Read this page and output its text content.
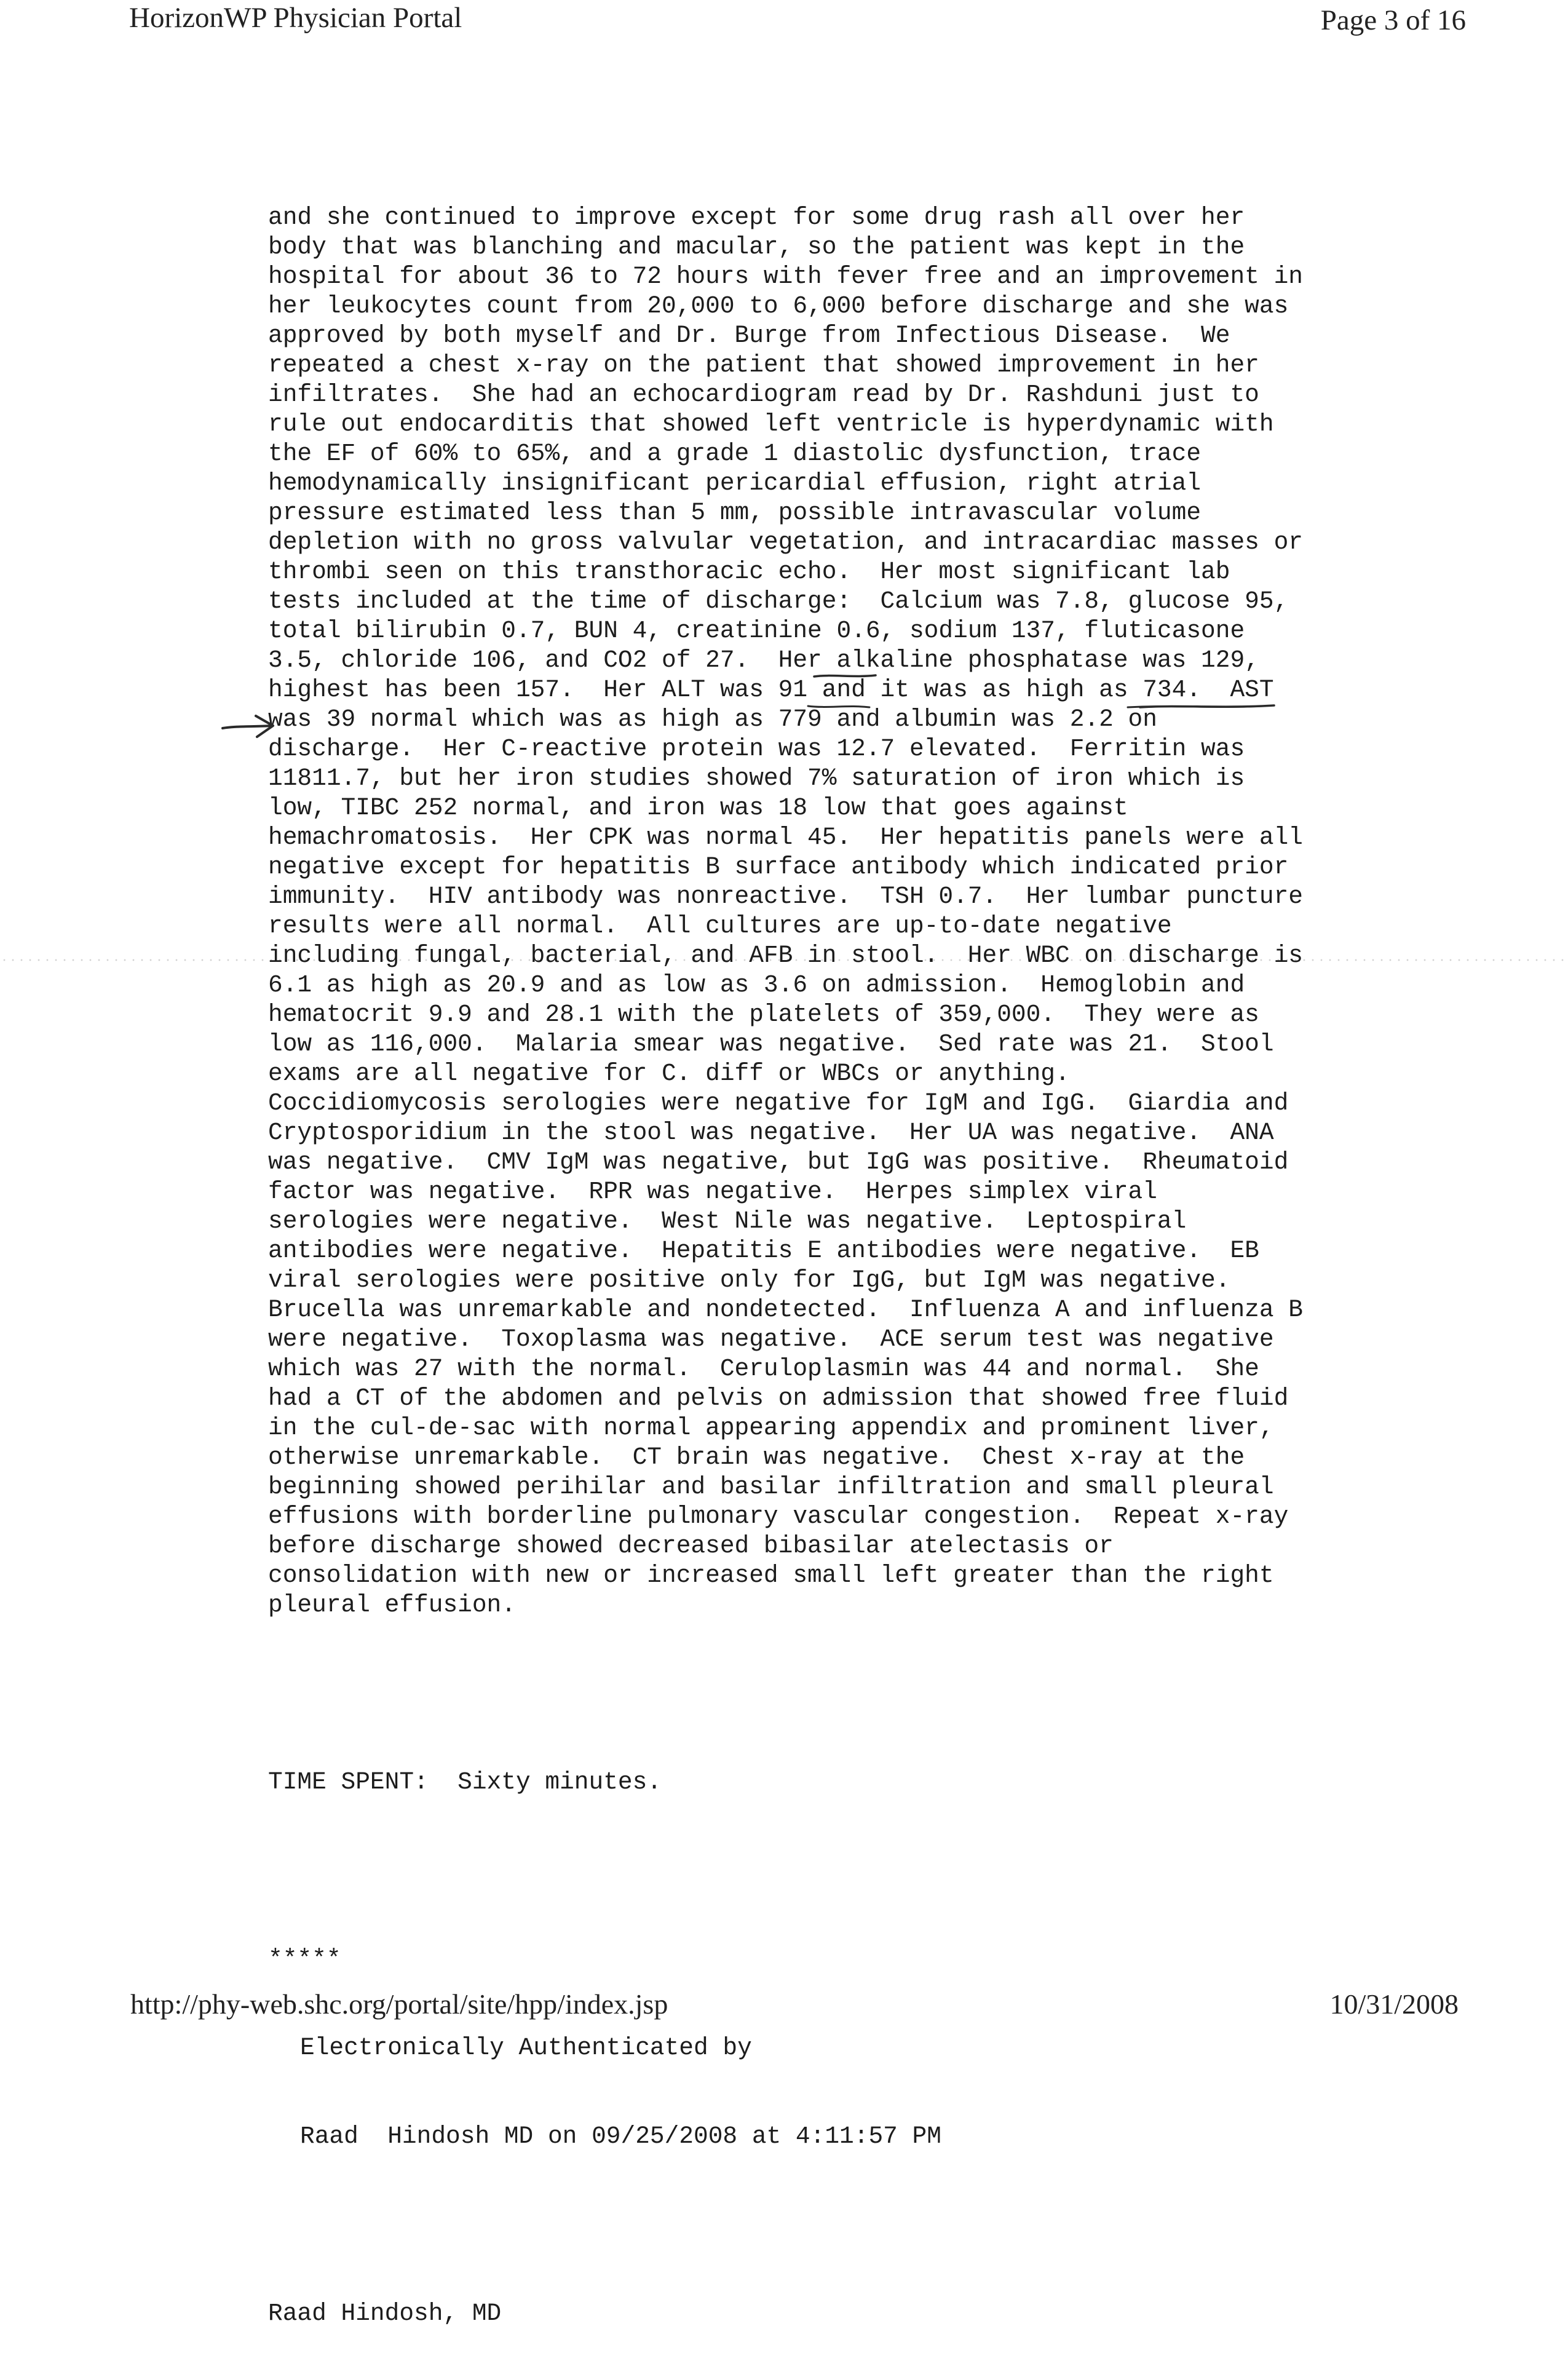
HorizonWP Physician Portal	Page 3 of 16

and she continued to improve except for some drug rash all over her
body that was blanching and macular, so the patient was kept in the
hospital for about 36 to 72 hours with fever free and an improvement in
her leukocytes count from 20,000 to 6,000 before discharge and she was
approved by both myself and Dr. Burge from Infectious Disease.  We
repeated a chest x-ray on the patient that showed improvement in her
infiltrates.  She had an echocardiogram read by Dr. Rashduni just to
rule out endocarditis that showed left ventricle is hyperdynamic with
the EF of 60% to 65%, and a grade 1 diastolic dysfunction, trace
hemodynamically insignificant pericardial effusion, right atrial
pressure estimated less than 5 mm, possible intravascular volume
depletion with no gross valvular vegetation, and intracardiac masses or
thrombi seen on this transthoracic echo.  Her most significant lab
tests included at the time of discharge:  Calcium was 7.8, glucose 95,
total bilirubin 0.7, BUN 4, creatinine 0.6, sodium 137, fluticasone
3.5, chloride 106, and CO2 of 27.  Her alkaline phosphatase was 129,
highest has been 157.  Her ALT was 91 and it was as high as 734.  AST
was 39 normal which was as high as 779 and albumin was 2.2 on
discharge.  Her C-reactive protein was 12.7 elevated.  Ferritin was
11811.7, but her iron studies showed 7% saturation of iron which is
low, TIBC 252 normal, and iron was 18 low that goes against
hemachromatosis.  Her CPK was normal 45.  Her hepatitis panels were all
negative except for hepatitis B surface antibody which indicated prior
immunity.  HIV antibody was nonreactive.  TSH 0.7.  Her lumbar puncture
results were all normal.  All cultures are up-to-date negative
including fungal, bacterial, and AFB in stool.  Her WBC on discharge is
6.1 as high as 20.9 and as low as 3.6 on admission.  Hemoglobin and
hematocrit 9.9 and 28.1 with the platelets of 359,000.  They were as
low as 116,000.  Malaria smear was negative.  Sed rate was 21.  Stool
exams are all negative for C. diff or WBCs or anything.
Coccidiomycosis serologies were negative for IgM and IgG.  Giardia and
Cryptosporidium in the stool was negative.  Her UA was negative.  ANA
was negative.  CMV IgM was negative, but IgG was positive.  Rheumatoid
factor was negative.  RPR was negative.  Herpes simplex viral
serologies were negative.  West Nile was negative.  Leptospiral
antibodies were negative.  Hepatitis E antibodies were negative.  EB
viral serologies were positive only for IgG, but IgM was negative.
Brucella was unremarkable and nondetected.  Influenza A and influenza B
were negative.  Toxoplasma was negative.  ACE serum test was negative
which was 27 with the normal.  Ceruloplasmin was 44 and normal.  She
had a CT of the abdomen and pelvis on admission that showed free fluid
in the cul-de-sac with normal appearing appendix and prominent liver,
otherwise unremarkable.  CT brain was negative.  Chest x-ray at the
beginning showed perihilar and basilar infiltration and small pleural
effusions with borderline pulmonary vascular congestion.  Repeat x-ray
before discharge showed decreased bibasilar atelectasis or
consolidation with new or increased small left greater than the right
pleural effusion.

TIME SPENT:  Sixty minutes.

*****

Electronically Authenticated by

Raad  Hindosh MD on 09/25/2008 at 4:11:57 PM

Raad Hindosh, MD

http://phy-web.shc.org/portal/site/hpp/index.jsp	10/31/2008
